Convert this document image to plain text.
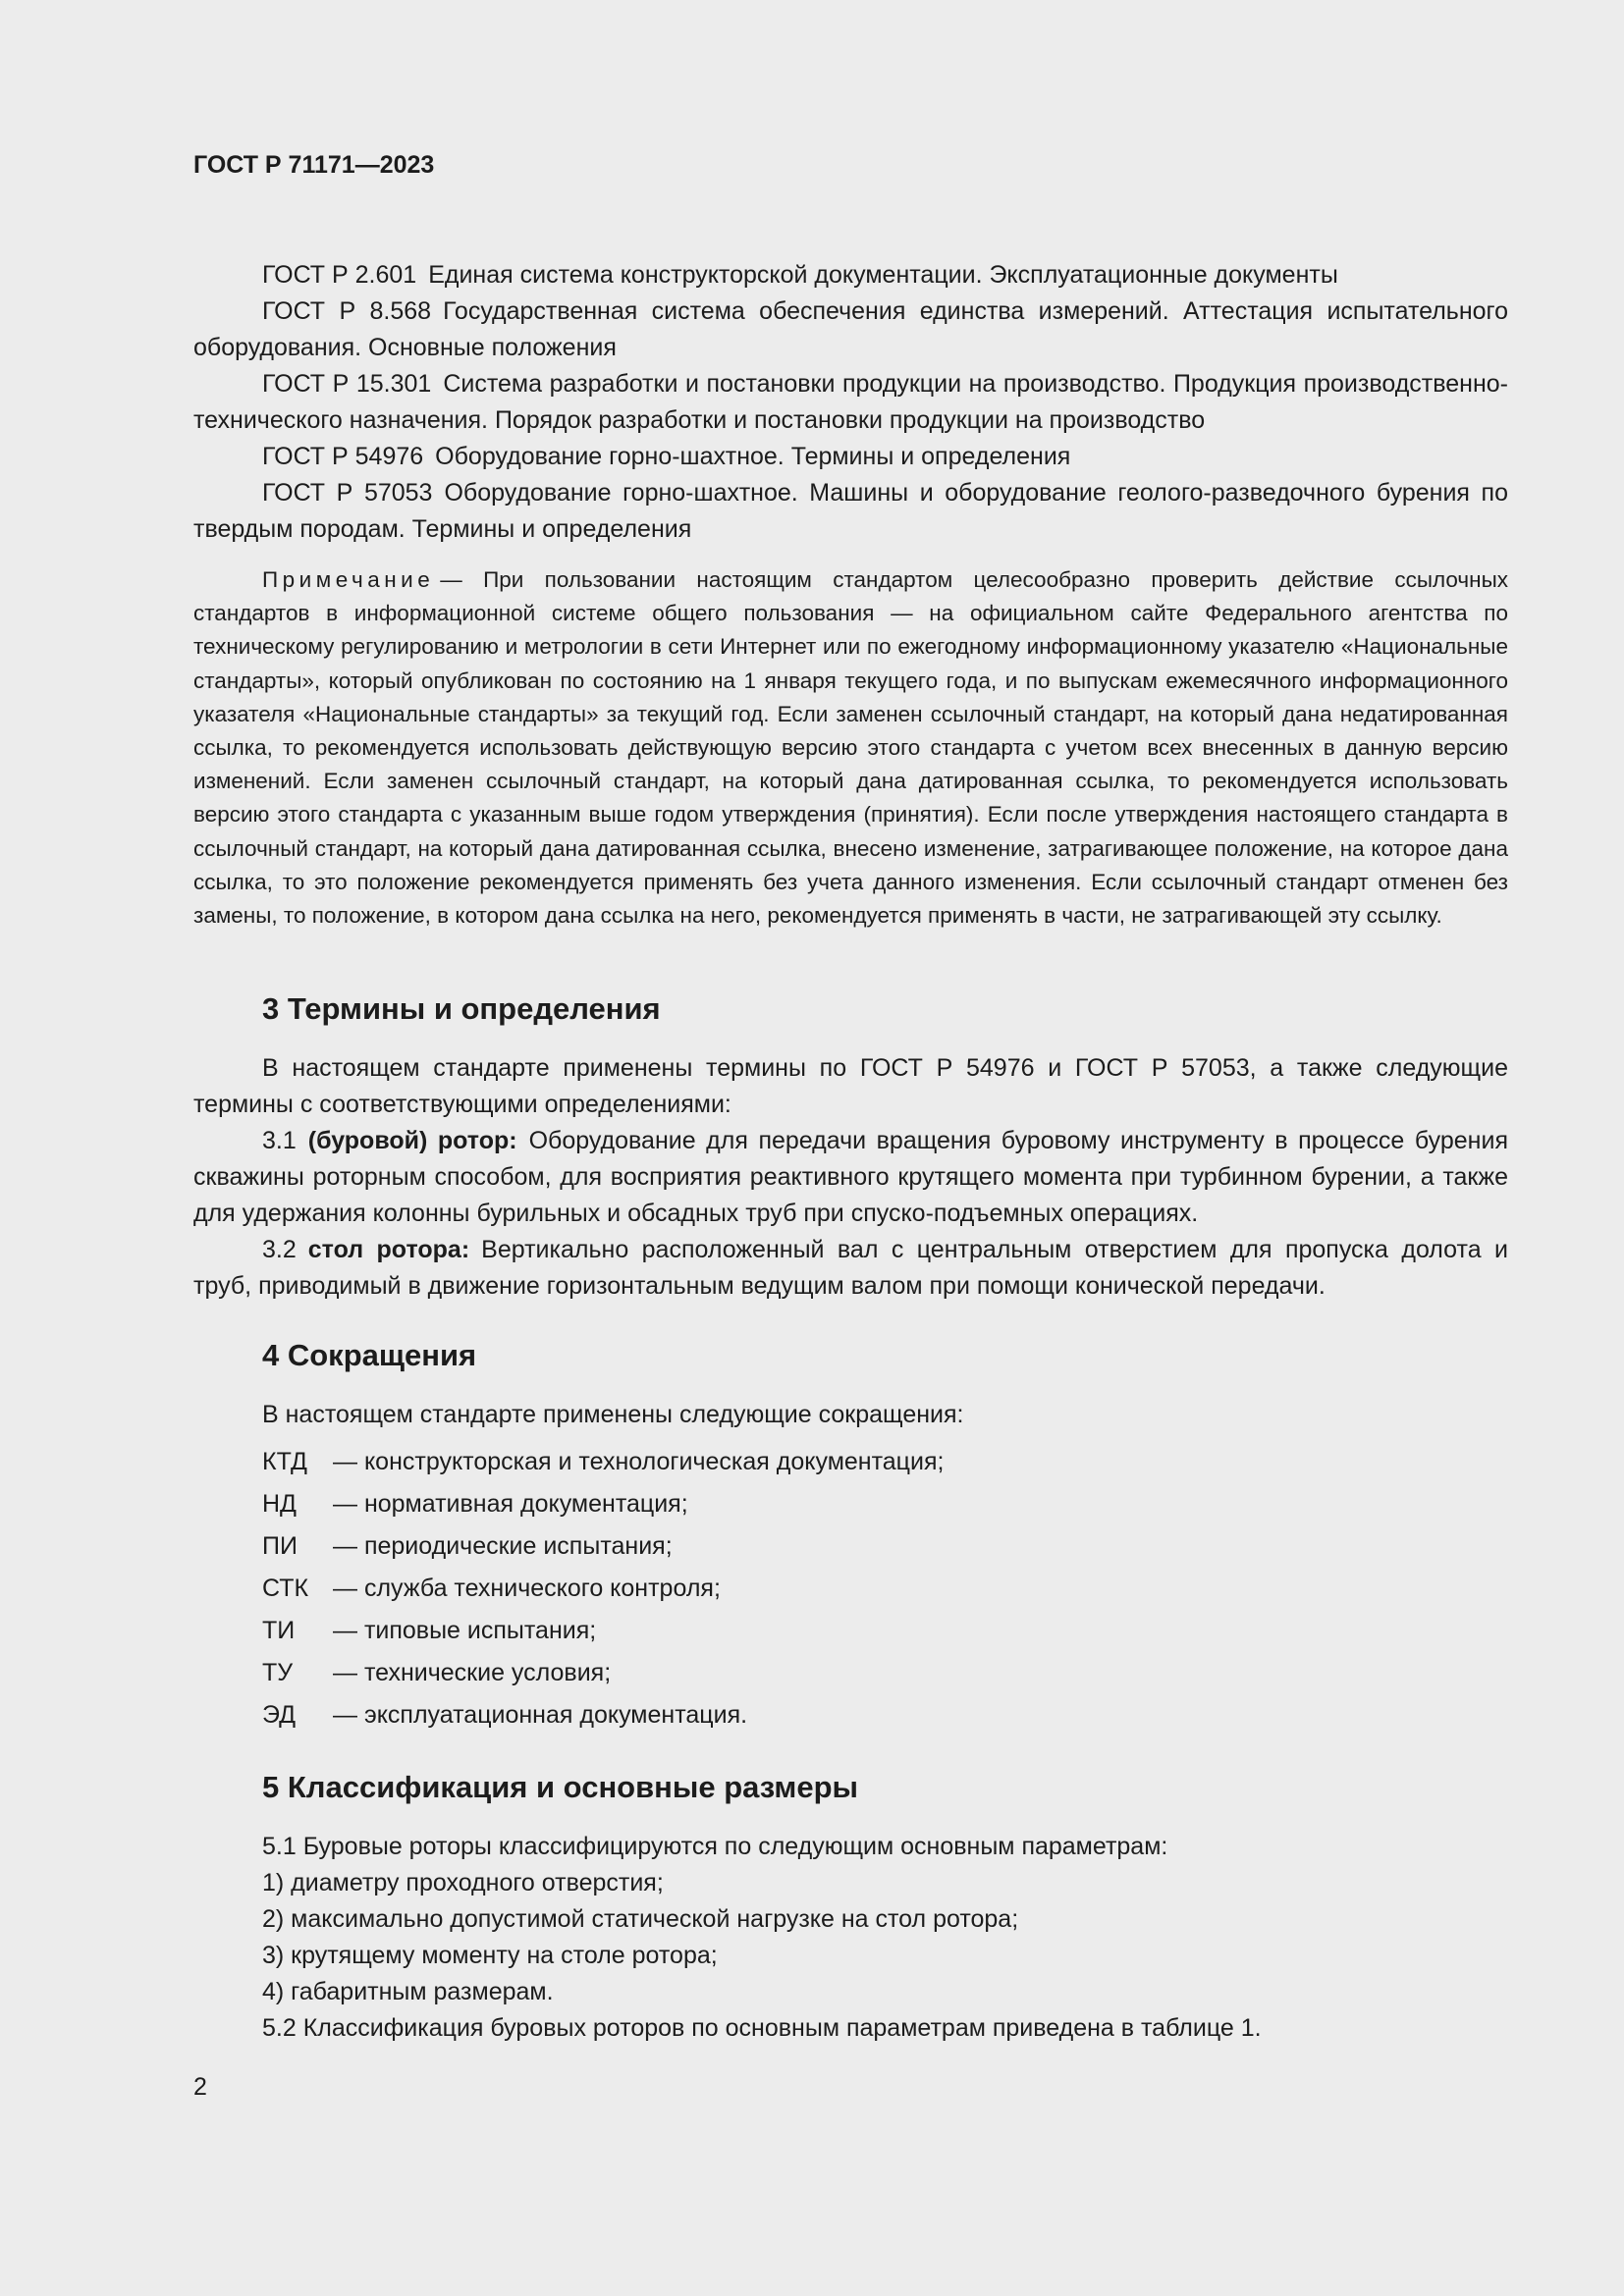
ГОСТ Р 71171—2023

ГОСТ Р 2.601 Единая система конструкторской документации. Эксплуатационные документы

ГОСТ Р 8.568 Государственная система обеспечения единства измерений. Аттестация испытательного оборудования. Основные положения

ГОСТ Р 15.301 Система разработки и постановки продукции на производство. Продукция производственно-технического назначения. Порядок разработки и постановки продукции на производство

ГОСТ Р 54976 Оборудование горно-шахтное. Термины и определения

ГОСТ Р 57053 Оборудование горно-шахтное. Машины и оборудование геолого-разведочного бурения по твердым породам. Термины и определения

Примечание — При пользовании настоящим стандартом целесообразно проверить действие ссылочных стандартов в информационной системе общего пользования — на официальном сайте Федерального агентства по техническому регулированию и метрологии в сети Интернет или по ежегодному информационному указателю «Национальные стандарты», который опубликован по состоянию на 1 января текущего года, и по выпускам ежемесячного информационного указателя «Национальные стандарты» за текущий год. Если заменен ссылочный стандарт, на который дана недатированная ссылка, то рекомендуется использовать действующую версию этого стандарта с учетом всех внесенных в данную версию изменений. Если заменен ссылочный стандарт, на который дана датированная ссылка, то рекомендуется использовать версию этого стандарта с указанным выше годом утверждения (принятия). Если после утверждения настоящего стандарта в ссылочный стандарт, на который дана датированная ссылка, внесено изменение, затрагивающее положение, на которое дана ссылка, то это положение рекомендуется применять без учета данного изменения. Если ссылочный стандарт отменен без замены, то положение, в котором дана ссылка на него, рекомендуется применять в части, не затрагивающей эту ссылку.

3 Термины и определения

В настоящем стандарте применены термины по ГОСТ Р 54976 и ГОСТ Р 57053, а также следующие термины с соответствующими определениями:

3.1 (буровой) ротор: Оборудование для передачи вращения буровому инструменту в процессе бурения скважины роторным способом, для восприятия реактивного крутящего момента при турбинном бурении, а также для удержания колонны бурильных и обсадных труб при спуско-подъемных операциях.

3.2 стол ротора: Вертикально расположенный вал с центральным отверстием для пропуска долота и труб, приводимый в движение горизонтальным ведущим валом при помощи конической передачи.

4 Сокращения

В настоящем стандарте применены следующие сокращения:

КТД	— конструкторская и технологическая документация;
НД	— нормативная документация;
ПИ	— периодические испытания;
СТК — служба технического контроля;
ТИ	— типовые испытания;
ТУ	— технические условия;
ЭД	— эксплуатационная документация.
5 Классификация и основные размеры

5.1 Буровые роторы классифицируются по следующим основным параметрам:

1) диаметру проходного отверстия;

2) максимально допустимой статической нагрузке на стол ротора;

3) крутящему моменту на столе ротора;

4) габаритным размерам.

5.2 Классификация буровых роторов по основным параметрам приведена в таблице 1.

2
